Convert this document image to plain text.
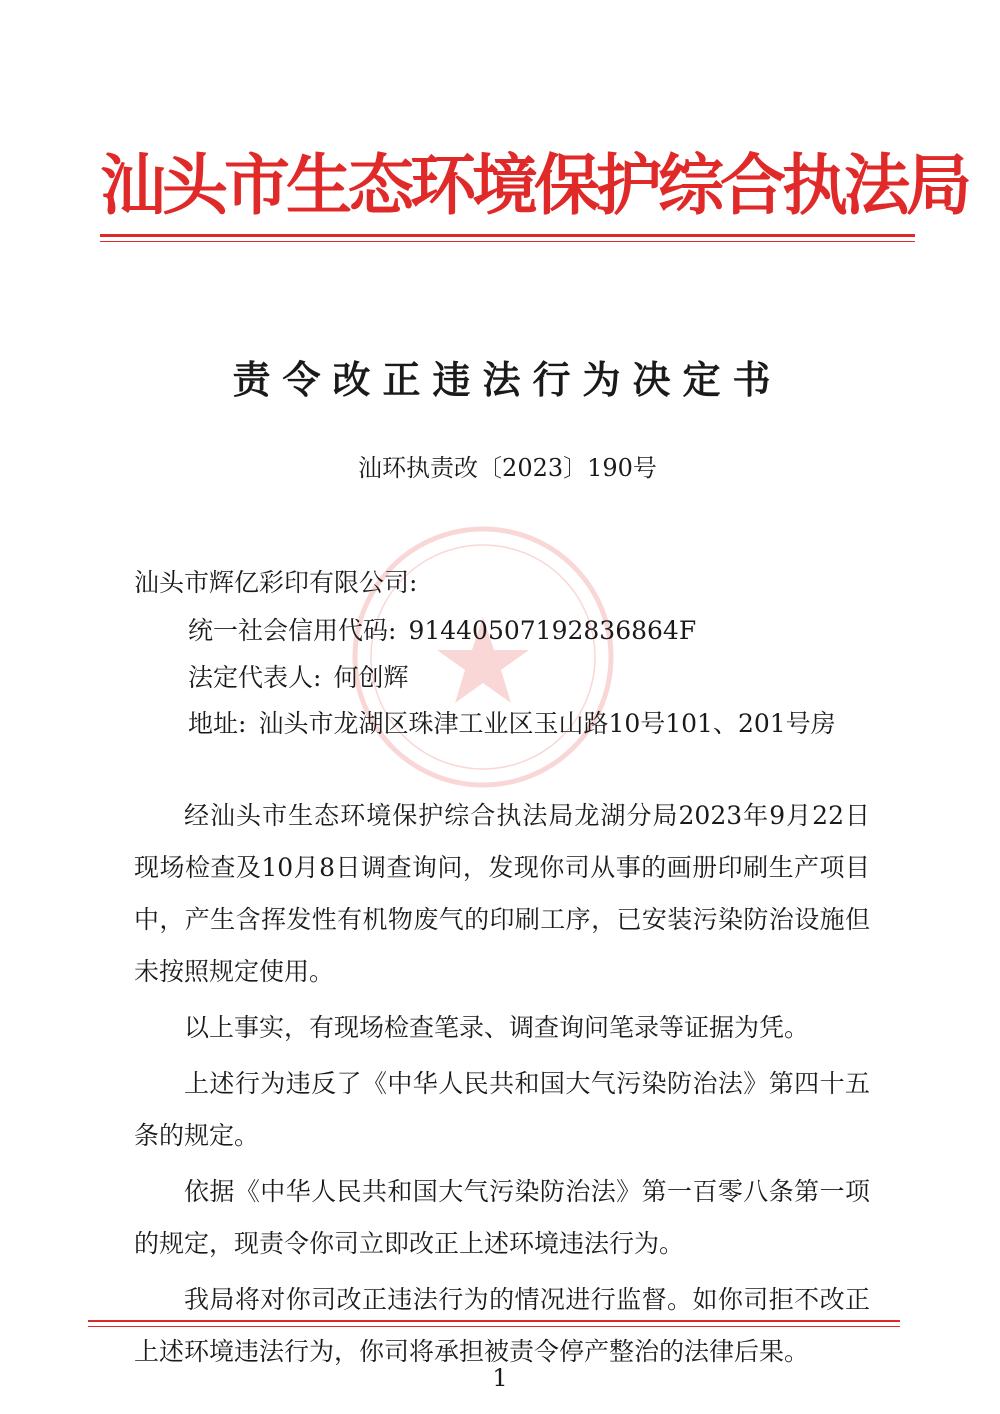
汕头市生态环境保护综合执法局
责令改正违法行为决定书
汕环执责改〔2023〕190号
汕头市辉亿彩印有限公司:
统一社会信用代码: 91440507192836864F
法定代表人: 何创辉
地址: 汕头市龙湖区珠津工业区玉山路10号101、201号房

经汕头市生态环境保护综合执法局龙湖分局2023年9月22日现场检查及10月8日调查询问，发现你司从事的画册印刷生产项目中，产生含挥发性有机物废气的印刷工序，已安装污染防治设施但未按照规定使用。

以上事实，有现场检查笔录、调查询问笔录等证据为凭。

上述行为违反了《中华人民共和国大气污染防治法》第四十五条的规定。

依据《中华人民共和国大气污染防治法》第一百零八条第一项的规定，现责令你司立即改正上述环境违法行为。

我局将对你司改正违法行为的情况进行监督。如你司拒不改正上述环境违法行为，你司将承担被责令停产整治的法律后果。

1
